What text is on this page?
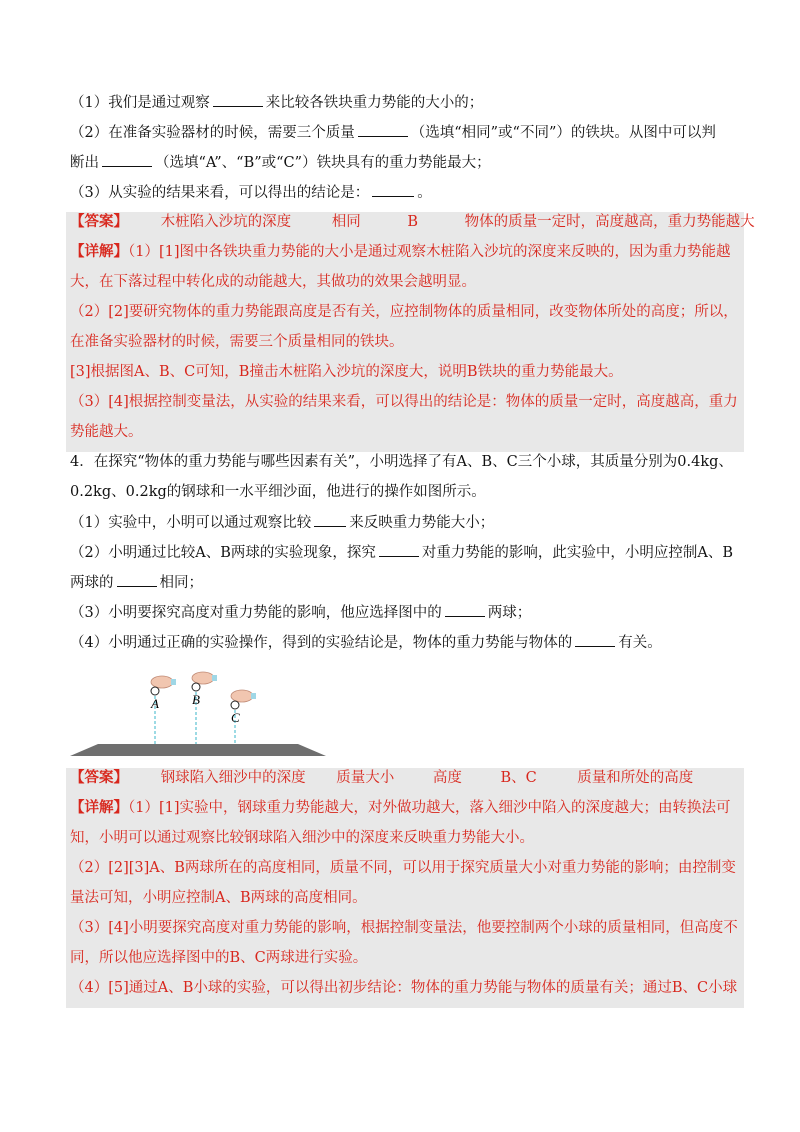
（1）我们是通过观察	来比较各铁块重力势能的大小的；
（2）在准备实验器材的时候，需要三个质量	（选填“相同”或“不同”）的铁块。从图中可以判
断出	（选填“A”、“B”或“C”）铁块具有的重力势能最大；
（3）从实验的结果来看，可以得出的结论是：	。
【答案】 木桩陷入沙坑的深度	相同	B	物体的质量一定时，高度越高，重力势能越大
【详解】（1）[1]图中各铁块重力势能的大小是通过观察木桩陷入沙坑的深度来反映的，因为重力势能越
大，在下落过程中转化成的动能越大，其做功的效果会越明显。
（2）[2]要研究物体的重力势能跟高度是否有关，应控制物体的质量相同，改变物体所处的高度；所以，
在准备实验器材的时候，需要三个质量相同的铁块。
[3]根据图A、B、C可知，B撞击木桩陷入沙坑的深度大，说明B铁块的重力势能最大。
（3）[4]根据控制变量法，从实验的结果来看，可以得出的结论是：物体的质量一定时，高度越高，重力
势能越大。
4．在探究“物体的重力势能与哪些因素有关”，小明选择了有A、B、C三个小球，其质量分别为0.4kg、
0.2kg、0.2kg的钢球和一水平细沙面，他进行的操作如图所示。
（1）实验中，小明可以通过观察比较	来反映重力势能大小；
（2）小明通过比较A、B两球的实验现象，探究	对重力势能的影响，此实验中，小明应控制A、B
两球的	相同；
（3）小明要探究高度对重力势能的影响，他应选择图中的	两球；
（4）小明通过正确的实验操作，得到的实验结论是，物体的重力势能与物体的	有关。
A	B
C
【答案】 钢球陷入细沙中的深度 质量大小	高度	B、C	质量和所处的高度
【详解】（1）[1]实验中，钢球重力势能越大，对外做功越大，落入细沙中陷入的深度越大；由转换法可
知，小明可以通过观察比较钢球陷入细沙中的深度来反映重力势能大小。
（2）[2][3]A、B两球所在的高度相同，质量不同，可以用于探究质量大小对重力势能的影响；由控制变
量法可知，小明应控制A、B两球的高度相同。
（3）[4]小明要探究高度对重力势能的影响，根据控制变量法，他要控制两个小球的质量相同，但高度不
同，所以他应选择图中的B、C两球进行实验。
（4）[5]通过A、B小球的实验，可以得出初步结论：物体的重力势能与物体的质量有关；通过B、C小球
